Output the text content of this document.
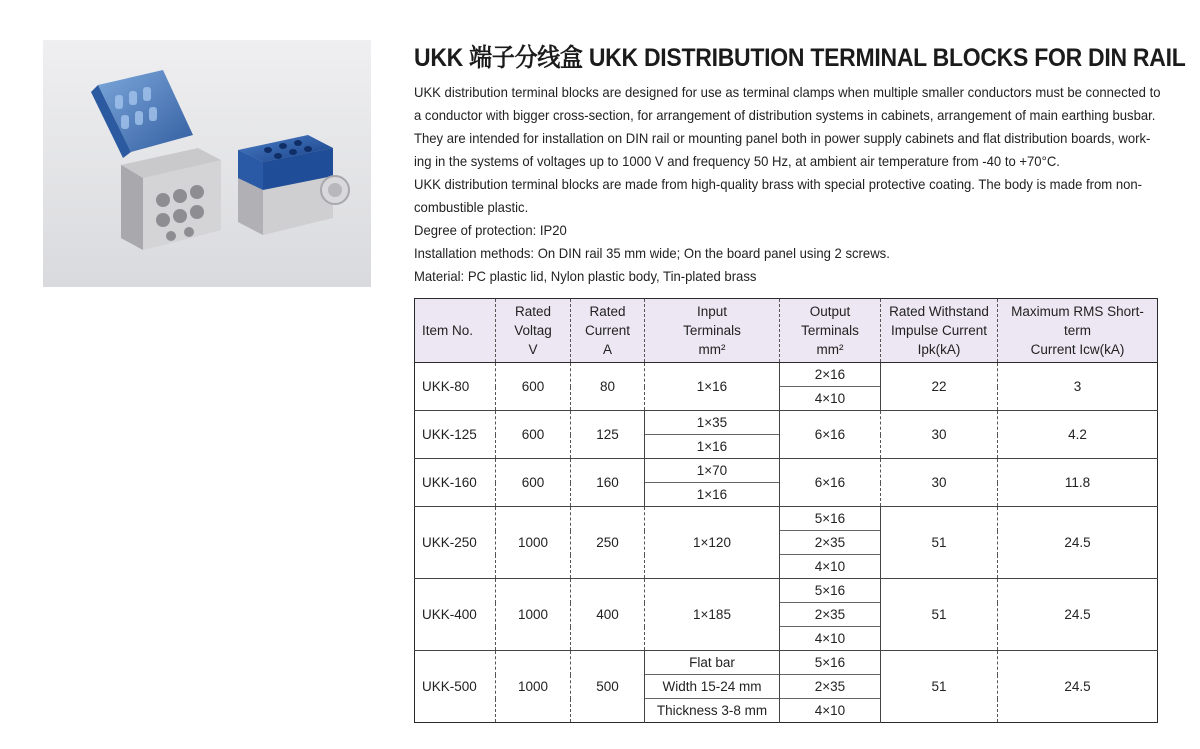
UKK 端子分线盒 UKK DISTRIBUTION TERMINAL BLOCKS FOR DIN RAIL
UKK distribution terminal blocks are designed for use as terminal clamps when multiple smaller conductors must be connected to
a conductor with bigger cross-section, for arrangement of distribution systems in cabinets, arrangement of main earthing busbar.
They are intended for installation on DIN rail or mounting panel both in power supply cabinets and flat distribution boards, work-
ing in the systems of voltages up to 1000 V and frequency 50 Hz, at ambient air temperature from -40 to +70°C.
UKK distribution terminal blocks are made from high-quality brass with special protective coating. The body is made from non-
combustible plastic.
Degree of protection: IP20
Installation methods: On DIN rail 35 mm wide; On the board panel using 2 screws.
Material: PC plastic lid, Nylon plastic body, Tin-plated brass
Item No.	Rated
Voltag
V	Rated
Current
A	Input
Terminals
mm²	Output
Terminals
mm²	Rated Withstand
Impulse Current
Ipk(kA)	Maximum RMS Short-term
Current Icw(kA)
UKK-80	600	80	1×16	2×16	22	3
				4×10		
UKK-125	600	125	1×35	6×16	30	4.2
			1×16			
UKK-160	600	160	1×70	6×16	30	11.8
			1×16			
UKK-250	1000	250	1×120	5×16	51	24.5
				2×35		
				4×10		
UKK-400	1000	400	1×185	5×16	51	24.5
				2×35		
				4×10		
UKK-500	1000	500	Flat bar	5×16	51	24.5
			Width 15-24 mm	2×35		
			Thickness 3-8 mm	4×10		
